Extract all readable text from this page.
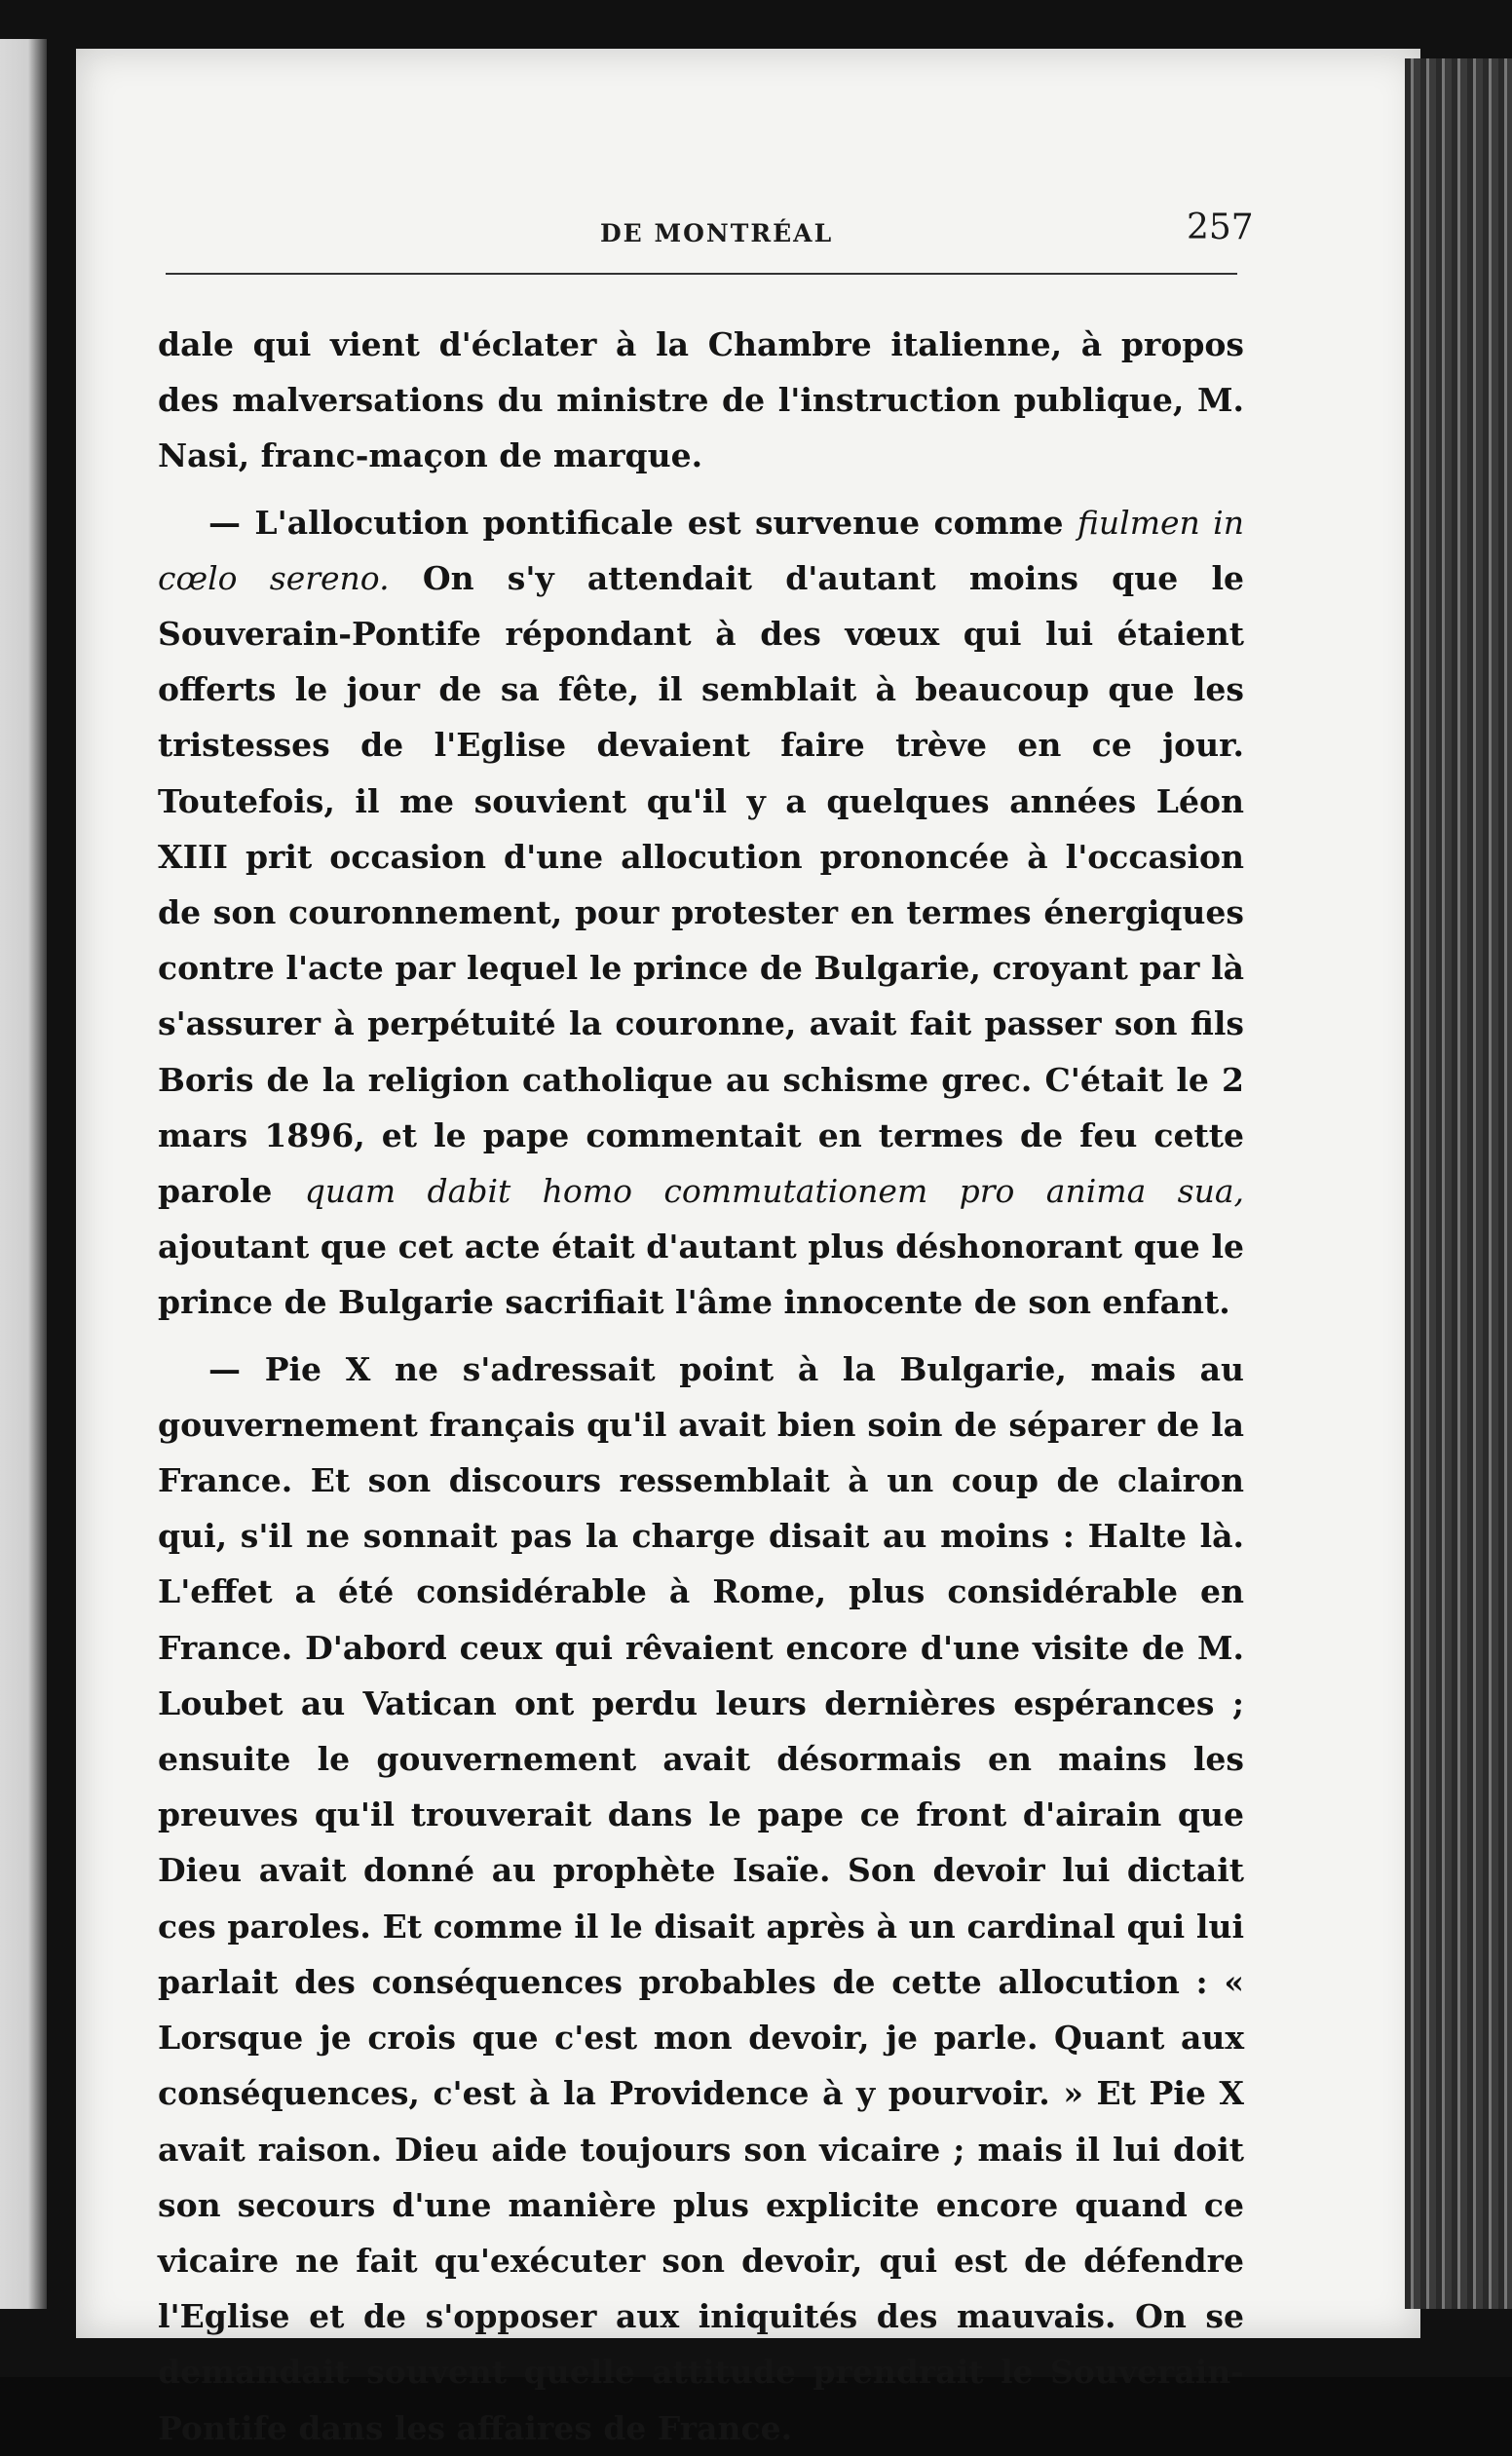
DE MONTRÉAL	257

dale qui vient d'éclater à la Chambre italienne, à propos des malversations du ministre de l'instruction publique, M. Nasi, franc-maçon de marque.

— L'allocution pontificale est survenue comme fiulmen in cœlo sereno. On s'y attendait d'autant moins que le Souverain-Pontife répondant à des vœux qui lui étaient offerts le jour de sa fête, il semblait à beaucoup que les tristesses de l'Eglise devaient faire trève en ce jour. Toutefois, il me souvient qu'il y a quelques années Léon XIII prit occasion d'une allocution prononcée à l'occasion de son couronnement, pour protester en termes énergiques contre l'acte par lequel le prince de Bulgarie, croyant par là s'assurer à perpétuité la couronne, avait fait passer son fils Boris de la religion catholique au schisme grec. C'était le 2 mars 1896, et le pape commentait en termes de feu cette parole quam dabit homo commutationem pro anima sua, ajoutant que cet acte était d'autant plus déshonorant que le prince de Bulgarie sacrifiait l'âme innocente de son enfant.

— Pie X ne s'adressait point à la Bulgarie, mais au gouvernement français qu'il avait bien soin de séparer de la France. Et son discours ressemblait à un coup de clairon qui, s'il ne sonnait pas la charge disait au moins : Halte là. L'effet a été considérable à Rome, plus considérable en France. D'abord ceux qui rêvaient encore d'une visite de M. Loubet au Vatican ont perdu leurs dernières espérances ; ensuite le gouvernement avait désormais en mains les preuves qu'il trouverait dans le pape ce front d'airain que Dieu avait donné au prophète Isaïe. Son devoir lui dictait ces paroles. Et comme il le disait après à un cardinal qui lui parlait des conséquences probables de cette allocution : « Lorsque je crois que c'est mon devoir, je parle. Quant aux conséquences, c'est à la Providence à y pourvoir. » Et Pie X avait raison. Dieu aide toujours son vicaire ; mais il lui doit son secours d'une manière plus explicite encore quand ce vicaire ne fait qu'exécuter son devoir, qui est de défendre l'Eglise et de s'opposer aux iniquités des mauvais. On se demandait souvent quelle attitude prendrait le Souverain-Pontife dans les affaires de France.
